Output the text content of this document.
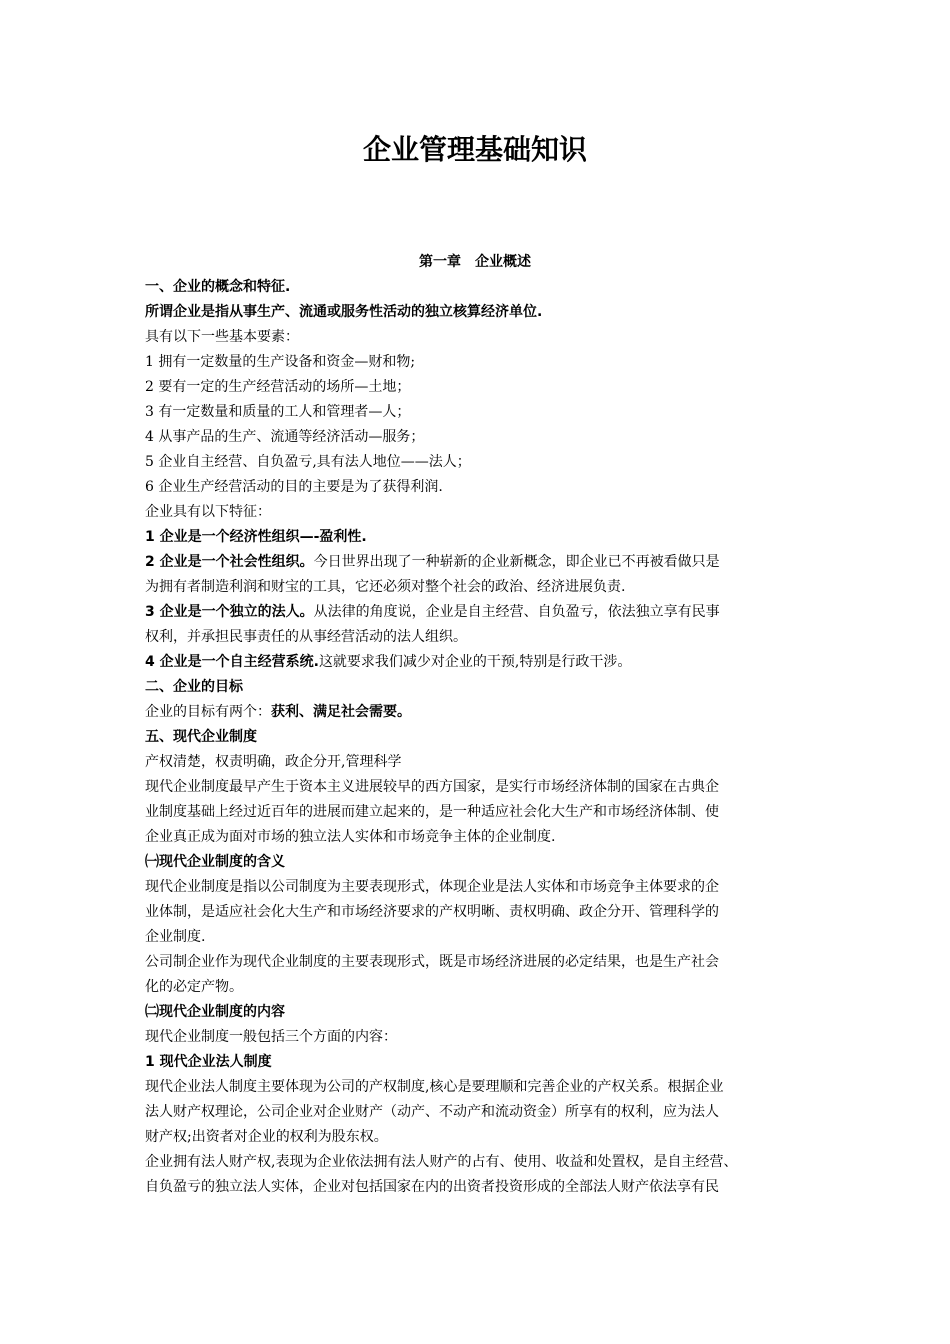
企业管理基础知识
第一章　企业概述
一、企业的概念和特征.
所谓企业是指从事生产、流通或服务性活动的独立核算经济单位.
具有以下一些基本要素：
1 拥有一定数量的生产设备和资金—财和物;
2 要有一定的生产经营活动的场所—土地；
3 有一定数量和质量的工人和管理者—人；
4 从事产品的生产、流通等经济活动—服务；
5 企业自主经营、自负盈亏,具有法人地位——法人；
6 企业生产经营活动的目的主要是为了获得利润.
企业具有以下特征：
1 企业是一个经济性组织—-盈利性.
2 企业是一个社会性组织。今日世界出现了一种崭新的企业新概念，即企业已不再被看做只是
为拥有者制造利润和财宝的工具，它还必须对整个社会的政治、经济进展负责.
3 企业是一个独立的法人。从法律的角度说，企业是自主经营、自负盈亏，依法独立享有民事
权利，并承担民事责任的从事经营活动的法人组织。
4 企业是一个自主经营系统.这就要求我们减少对企业的干预,特别是行政干涉。
二、企业的目标
企业的目标有两个：获利、满足社会需要。
五、现代企业制度
产权清楚，权责明确，政企分开,管理科学
现代企业制度最早产生于资本主义进展较早的西方国家，是实行市场经济体制的国家在古典企
业制度基础上经过近百年的进展而建立起来的，是一种适应社会化大生产和市场经济体制、使
企业真正成为面对市场的独立法人实体和市场竞争主体的企业制度.
㈠现代企业制度的含义
现代企业制度是指以公司制度为主要表现形式，体现企业是法人实体和市场竞争主体要求的企
业体制，是适应社会化大生产和市场经济要求的产权明晰、责权明确、政企分开、管理科学的
企业制度.
公司制企业作为现代企业制度的主要表现形式，既是市场经济进展的必定结果，也是生产社会
化的必定产物。
㈡现代企业制度的内容
现代企业制度一般包括三个方面的内容：
1 现代企业法人制度
现代企业法人制度主要体现为公司的产权制度,核心是要理顺和完善企业的产权关系。根据企业
法人财产权理论，公司企业对企业财产（动产、不动产和流动资金）所享有的权利，应为法人
财产权;出资者对企业的权利为股东权。
企业拥有法人财产权,表现为企业依法拥有法人财产的占有、使用、收益和处置权，是自主经营、
自负盈亏的独立法人实体，企业对包括国家在内的出资者投资形成的全部法人财产依法享有民
